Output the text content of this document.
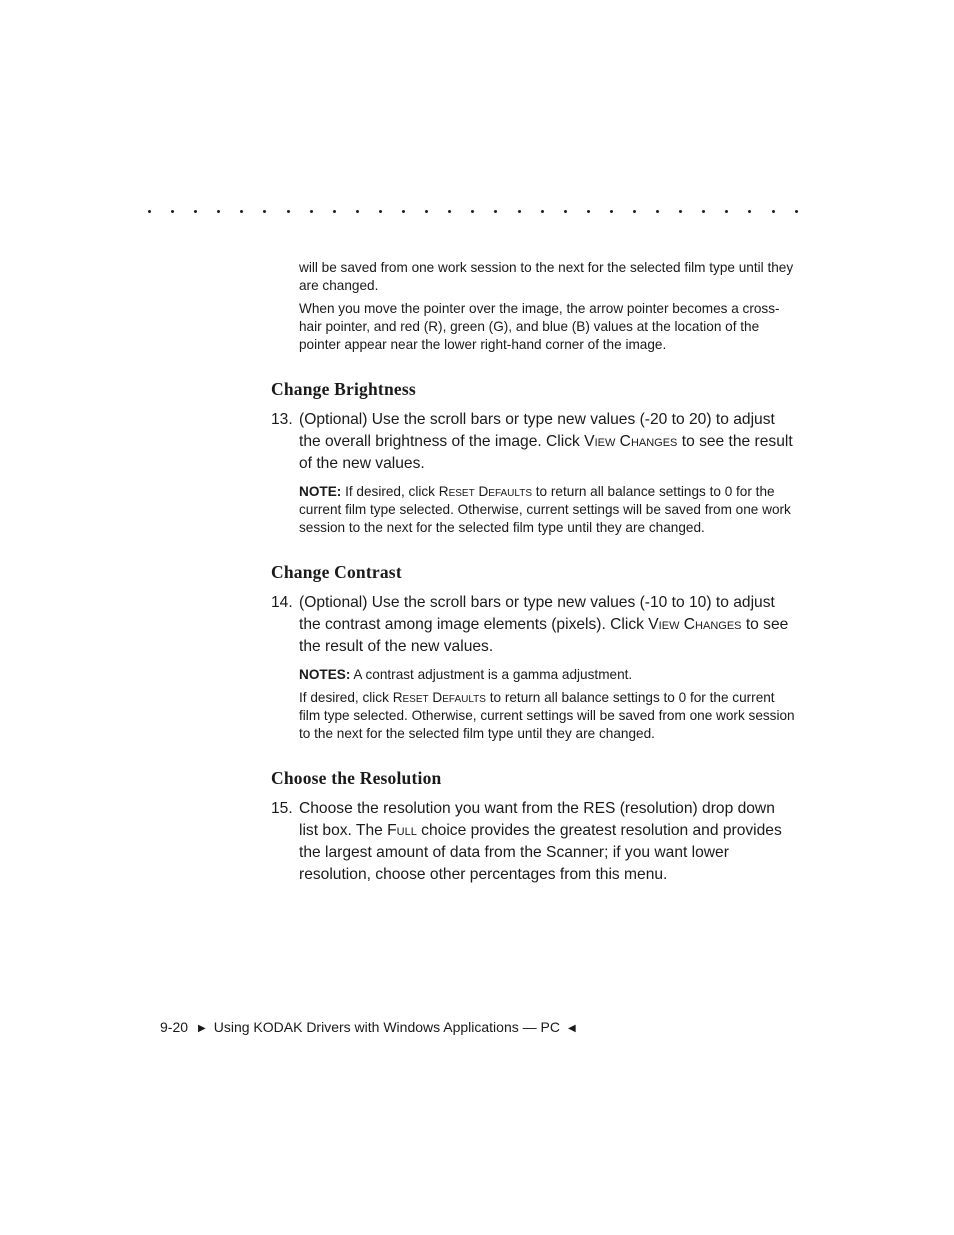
will be saved from one work session to the next for the selected film type until they are changed.

When you move the pointer over the image, the arrow pointer becomes a cross-hair pointer, and red (R), green (G), and blue (B) values at the location of the pointer appear near the lower right-hand corner of the image.

Change Brightness
13. (Optional) Use the scroll bars or type new values (-20 to 20) to adjust the overall brightness of the image. Click View Changes to see the result of the new values.

NOTE: If desired, click Reset Defaults to return all balance settings to 0 for the current film type selected. Otherwise, current settings will be saved from one work session to the next for the selected film type until they are changed.

Change Contrast
14. (Optional) Use the scroll bars or type new values (-10 to 10) to adjust the contrast among image elements (pixels). Click View Changes to see the result of the new values.

NOTES: A contrast adjustment is a gamma adjustment.

If desired, click Reset Defaults to return all balance settings to 0 for the current film type selected. Otherwise, current settings will be saved from one work session to the next for the selected film type until they are changed.

Choose the Resolution
15. Choose the resolution you want from the RES (resolution) drop down list box. The Full choice provides the greatest resolution and provides the largest amount of data from the Scanner; if you want lower resolution, choose other percentages from this menu.
9-20 ▶ Using KODAK Drivers with Windows Applications — PC ◀
